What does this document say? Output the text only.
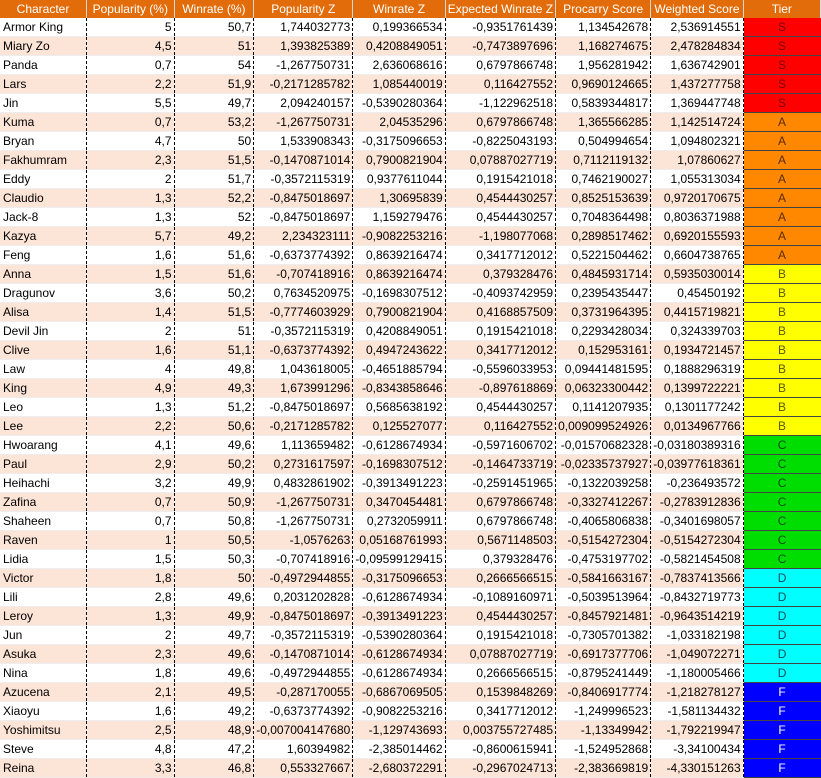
Character	Popularity (%)	Winrate (%)	Popularity Z	Winrate Z	Expected Winrate Z	Procarry Score	Weighted Score	Tier
Armor King	5	50,7	1,744032773	0,199366534	-0,9351761439	1,134542678	2,536914551	S
Miary Zo	4,5	51	1,393825389	0,4208849051	-0,7473897696	1,168274675	2,478284834	S
Panda	0,7	54	-1,267750731	2,636068616	0,6797866748	1,956281942	1,636742901	S
Lars	2,2	51,9	-0,2171285782	1,085440019	0,116427552	0,9690124665	1,437277758	S
Jin	5,5	49,7	2,094240157	-0,5390280364	-1,122962518	0,5839344817	1,369447748	S
Kuma	0,7	53,2	-1,267750731	2,04535296	0,6797866748	1,365566285	1,142514724	A
Bryan	4,7	50	1,533908343	-0,3175096653	-0,8225043193	0,504994654	1,094802321	A
Fakhumram	2,3	51,5	-0,1470871014	0,7900821904	0,07887027719	0,7112119132	1,07860627	A
Eddy	2	51,7	-0,3572115319	0,9377611044	0,1915421018	0,7462190027	1,055313034	A
Claudio	1,3	52,2	-0,8475018697	1,30695839	0,4544430257	0,8525153639	0,9720170675	A
Jack-8	1,3	52	-0,8475018697	1,159279476	0,4544430257	0,7048364498	0,8036371988	A
Kazya	5,7	49,2	2,234323111	-0,9082253216	-1,198077068	0,2898517462	0,6920155593	A
Feng	1,6	51,6	-0,6373774392	0,8639216474	0,3417712012	0,5221504462	0,6604738765	A
Anna	1,5	51,6	-0,707418916	0,8639216474	0,379328476	0,4845931714	0,5935030014	B
Dragunov	3,6	50,2	0,7634520975	-0,1698307512	-0,4093742959	0,2395435447	0,45450192	B
Alisa	1,4	51,5	-0,7774603929	0,7900821904	0,4168857509	0,3731964395	0,4415719821	B
Devil Jin	2	51	-0,3572115319	0,4208849051	0,1915421018	0,2293428034	0,324339703	B
Clive	1,6	51,1	-0,6373774392	0,4947243622	0,3417712012	0,152953161	0,1934721457	B
Law	4	49,8	1,043618005	-0,4651885794	-0,5596033953	0,09441481595	0,1888296319	B
King	4,9	49,3	1,673991296	-0,8343858646	-0,897618869	0,06323300442	0,1399722221	B
Leo	1,3	51,2	-0,8475018697	0,5685638192	0,4544430257	0,1141207935	0,1301177242	B
Lee	2,2	50,6	-0,2171285782	0,125527077	0,116427552	0,009099524926	0,0134967766	B
Hwoarang	4,1	49,6	1,113659482	-0,6128674934	-0,5971606702	-0,01570682328	-0,03180389316	C
Paul	2,9	50,2	0,2731617597	-0,1698307512	-0,1464733719	-0,02335737927	-0,03977618361	C
Heihachi	3,2	49,9	0,4832861902	-0,3913491223	-0,2591451965	-0,1322039258	-0,236493572	C
Zafina	0,7	50,9	-1,267750731	0,3470454481	0,6797866748	-0,3327412267	-0,2783912836	C
Shaheen	0,7	50,8	-1,267750731	0,2732059911	0,6797866748	-0,4065806838	-0,3401698057	C
Raven	1	50,5	-1,0576263	0,05168761993	0,5671148503	-0,5154272304	-0,5154272304	C
Lidia	1,5	50,3	-0,707418916	-0,09599129415	0,379328476	-0,4753197702	-0,5821454508	C
Victor	1,8	50	-0,4972944855	-0,3175096653	0,2666566515	-0,5841663167	-0,7837413566	D
Lili	2,8	49,6	0,2031202828	-0,6128674934	-0,1089160971	-0,5039513964	-0,8432719773	D
Leroy	1,3	49,9	-0,8475018697	-0,3913491223	0,4544430257	-0,8457921481	-0,9643514219	D
Jun	2	49,7	-0,3572115319	-0,5390280364	0,1915421018	-0,7305701382	-1,033182198	D
Asuka	2,3	49,6	-0,1470871014	-0,6128674934	0,07887027719	-0,6917377706	-1,049072271	D
Nina	1,8	49,6	-0,4972944855	-0,6128674934	0,2666566515	-0,8795241449	-1,180005466	D
Azucena	2,1	49,5	-0,287170055	-0,6867069505	0,1539848269	-0,8406917774	-1,218278127	F
Xiaoyu	1,6	49,2	-0,6373774392	-0,9082253216	0,3417712012	-1,249996523	-1,581134432	F
Yoshimitsu	2,5	48,9	-0,007004147680	-1,129743693	0,003755727485	-1,13349942	-1,792219947	F
Steve	4,8	47,2	1,60394982	-2,385014462	-0,8600615941	-1,524952868	-3,34100434	F
Reina	3,3	46,8	0,553327667	-2,680372291	-0,2967024713	-2,383669819	-4,330151263	F
